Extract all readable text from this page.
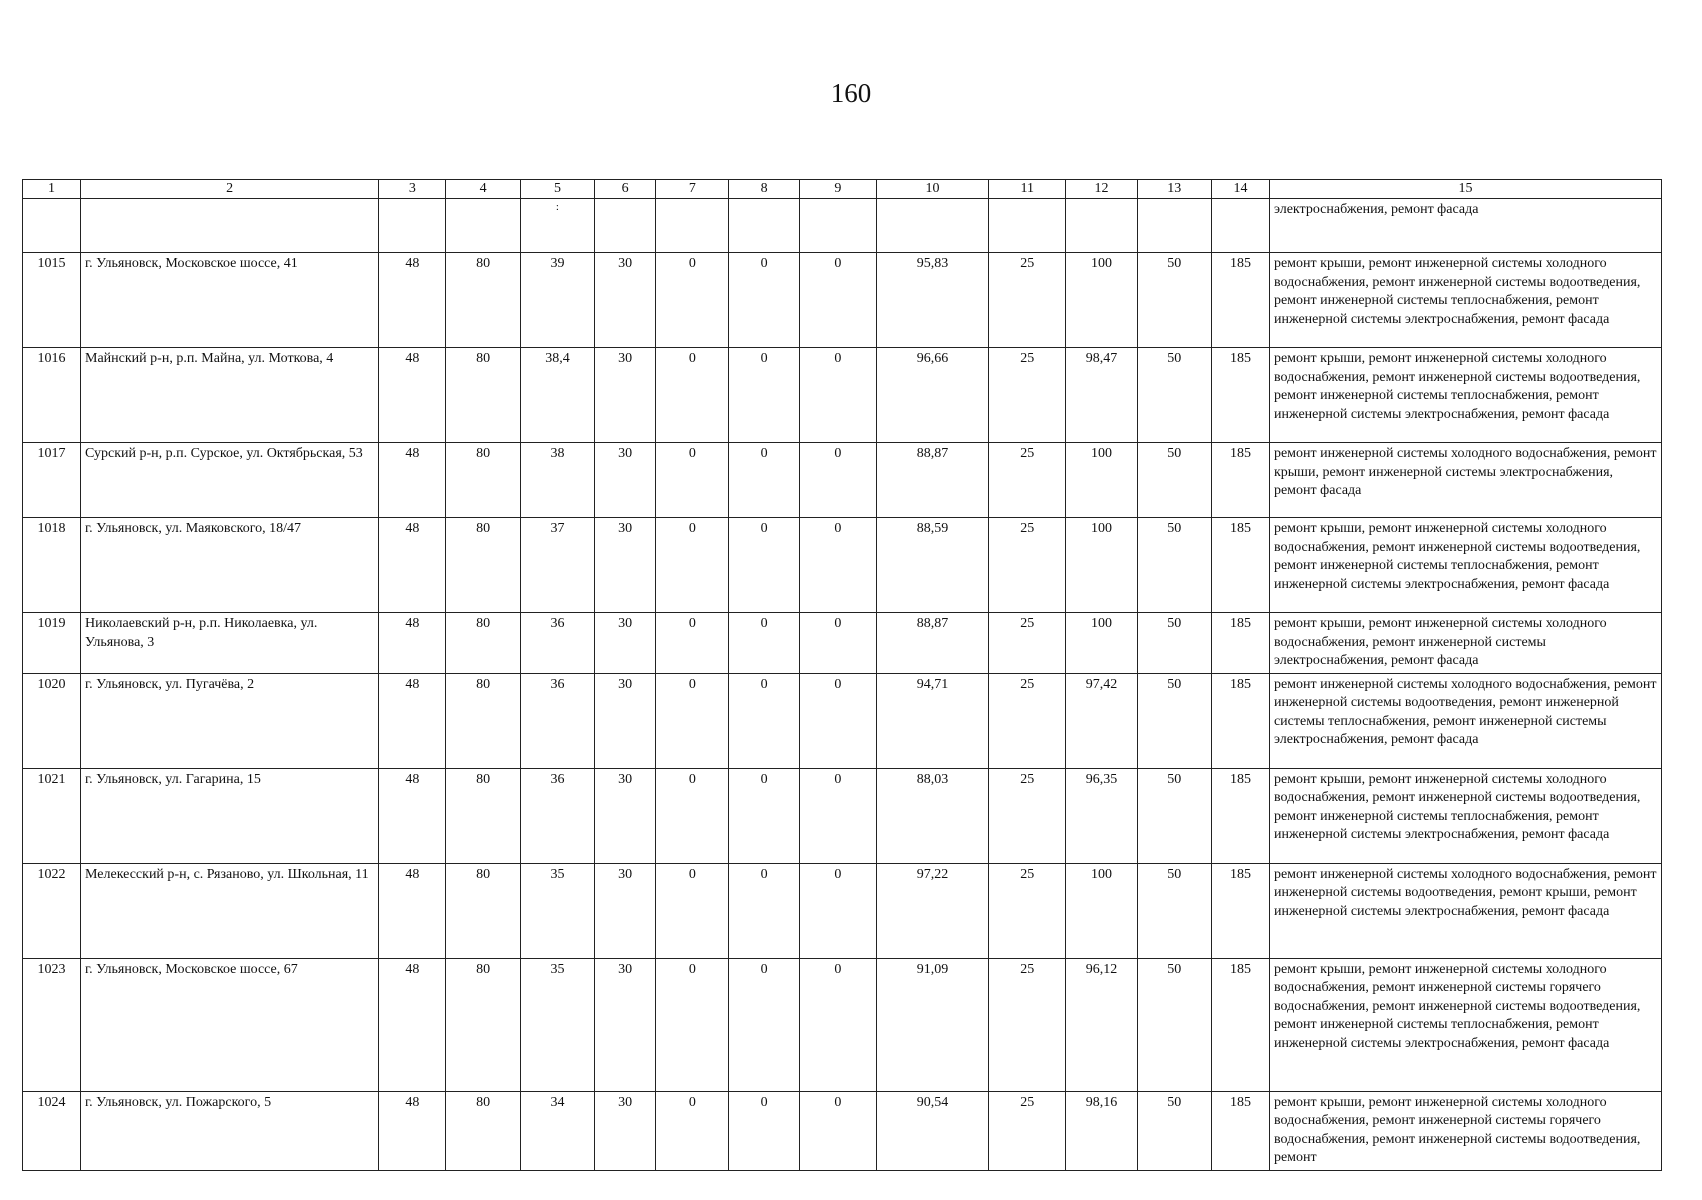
160
1	2	3	4	5	6	7	8	9	10	11	12	13	14	15
				:										электроснабжения, ремонт фасада
1015	г. Ульяновск, Московское шоссе, 41	48	80	39	30	0	0	0	95,83	25	100	50	185	ремонт крыши, ремонт инженерной системы холодного водоснабжения, ремонт инженерной системы водоотведения, ремонт инженерной системы теплоснабжения, ремонт инженерной системы электроснабжения, ремонт фасада
1016	Майнский р-н, р.п. Майна, ул. Моткова, 4	48	80	38,4	30	0	0	0	96,66	25	98,47	50	185	ремонт крыши, ремонт инженерной системы холодного водоснабжения, ремонт инженерной системы водоотведения, ремонт инженерной системы теплоснабжения, ремонт инженерной системы электроснабжения, ремонт фасада
1017	Сурский р-н, р.п. Сурское, ул. Октябрьская, 53	48	80	38	30	0	0	0	88,87	25	100	50	185	ремонт инженерной системы холодного водоснабжения, ремонт крыши, ремонт инженерной системы электроснабжения, ремонт фасада
1018	г. Ульяновск, ул. Маяковского, 18/47	48	80	37	30	0	0	0	88,59	25	100	50	185	ремонт крыши, ремонт инженерной системы холодного водоснабжения, ремонт инженерной системы водоотведения, ремонт инженерной системы теплоснабжения, ремонт инженерной системы электроснабжения, ремонт фасада
1019	Николаевский р-н, р.п. Николаевка, ул. Ульянова, 3	48	80	36	30	0	0	0	88,87	25	100	50	185	ремонт крыши, ремонт инженерной системы холодного водоснабжения, ремонт инженерной системы электроснабжения, ремонт фасада
1020	г. Ульяновск, ул. Пугачёва, 2	48	80	36	30	0	0	0	94,71	25	97,42	50	185	ремонт инженерной системы холодного водоснабжения, ремонт инженерной системы водоотведения, ремонт инженерной системы теплоснабжения, ремонт инженерной системы электроснабжения, ремонт фасада
1021	г. Ульяновск, ул. Гагарина, 15	48	80	36	30	0	0	0	88,03	25	96,35	50	185	ремонт крыши, ремонт инженерной системы холодного водоснабжения, ремонт инженерной системы водоотведения, ремонт инженерной системы теплоснабжения, ремонт инженерной системы электроснабжения, ремонт фасада
1022	Мелекесский р-н, с. Рязаново, ул. Школьная, 11	48	80	35	30	0	0	0	97,22	25	100	50	185	ремонт инженерной системы холодного водоснабжения, ремонт инженерной системы водоотведения, ремонт крыши, ремонт инженерной системы электроснабжения, ремонт фасада
1023	г. Ульяновск, Московское шоссе, 67	48	80	35	30	0	0	0	91,09	25	96,12	50	185	ремонт крыши, ремонт инженерной системы холодного водоснабжения, ремонт инженерной системы горячего водоснабжения, ремонт инженерной системы водоотведения, ремонт инженерной системы теплоснабжения, ремонт инженерной системы электроснабжения, ремонт фасада
1024	г. Ульяновск, ул. Пожарского, 5	48	80	34	30	0	0	0	90,54	25	98,16	50	185	ремонт крыши, ремонт инженерной системы холодного водоснабжения, ремонт инженерной системы горячего водоснабжения, ремонт инженерной системы водоотведения, ремонт
